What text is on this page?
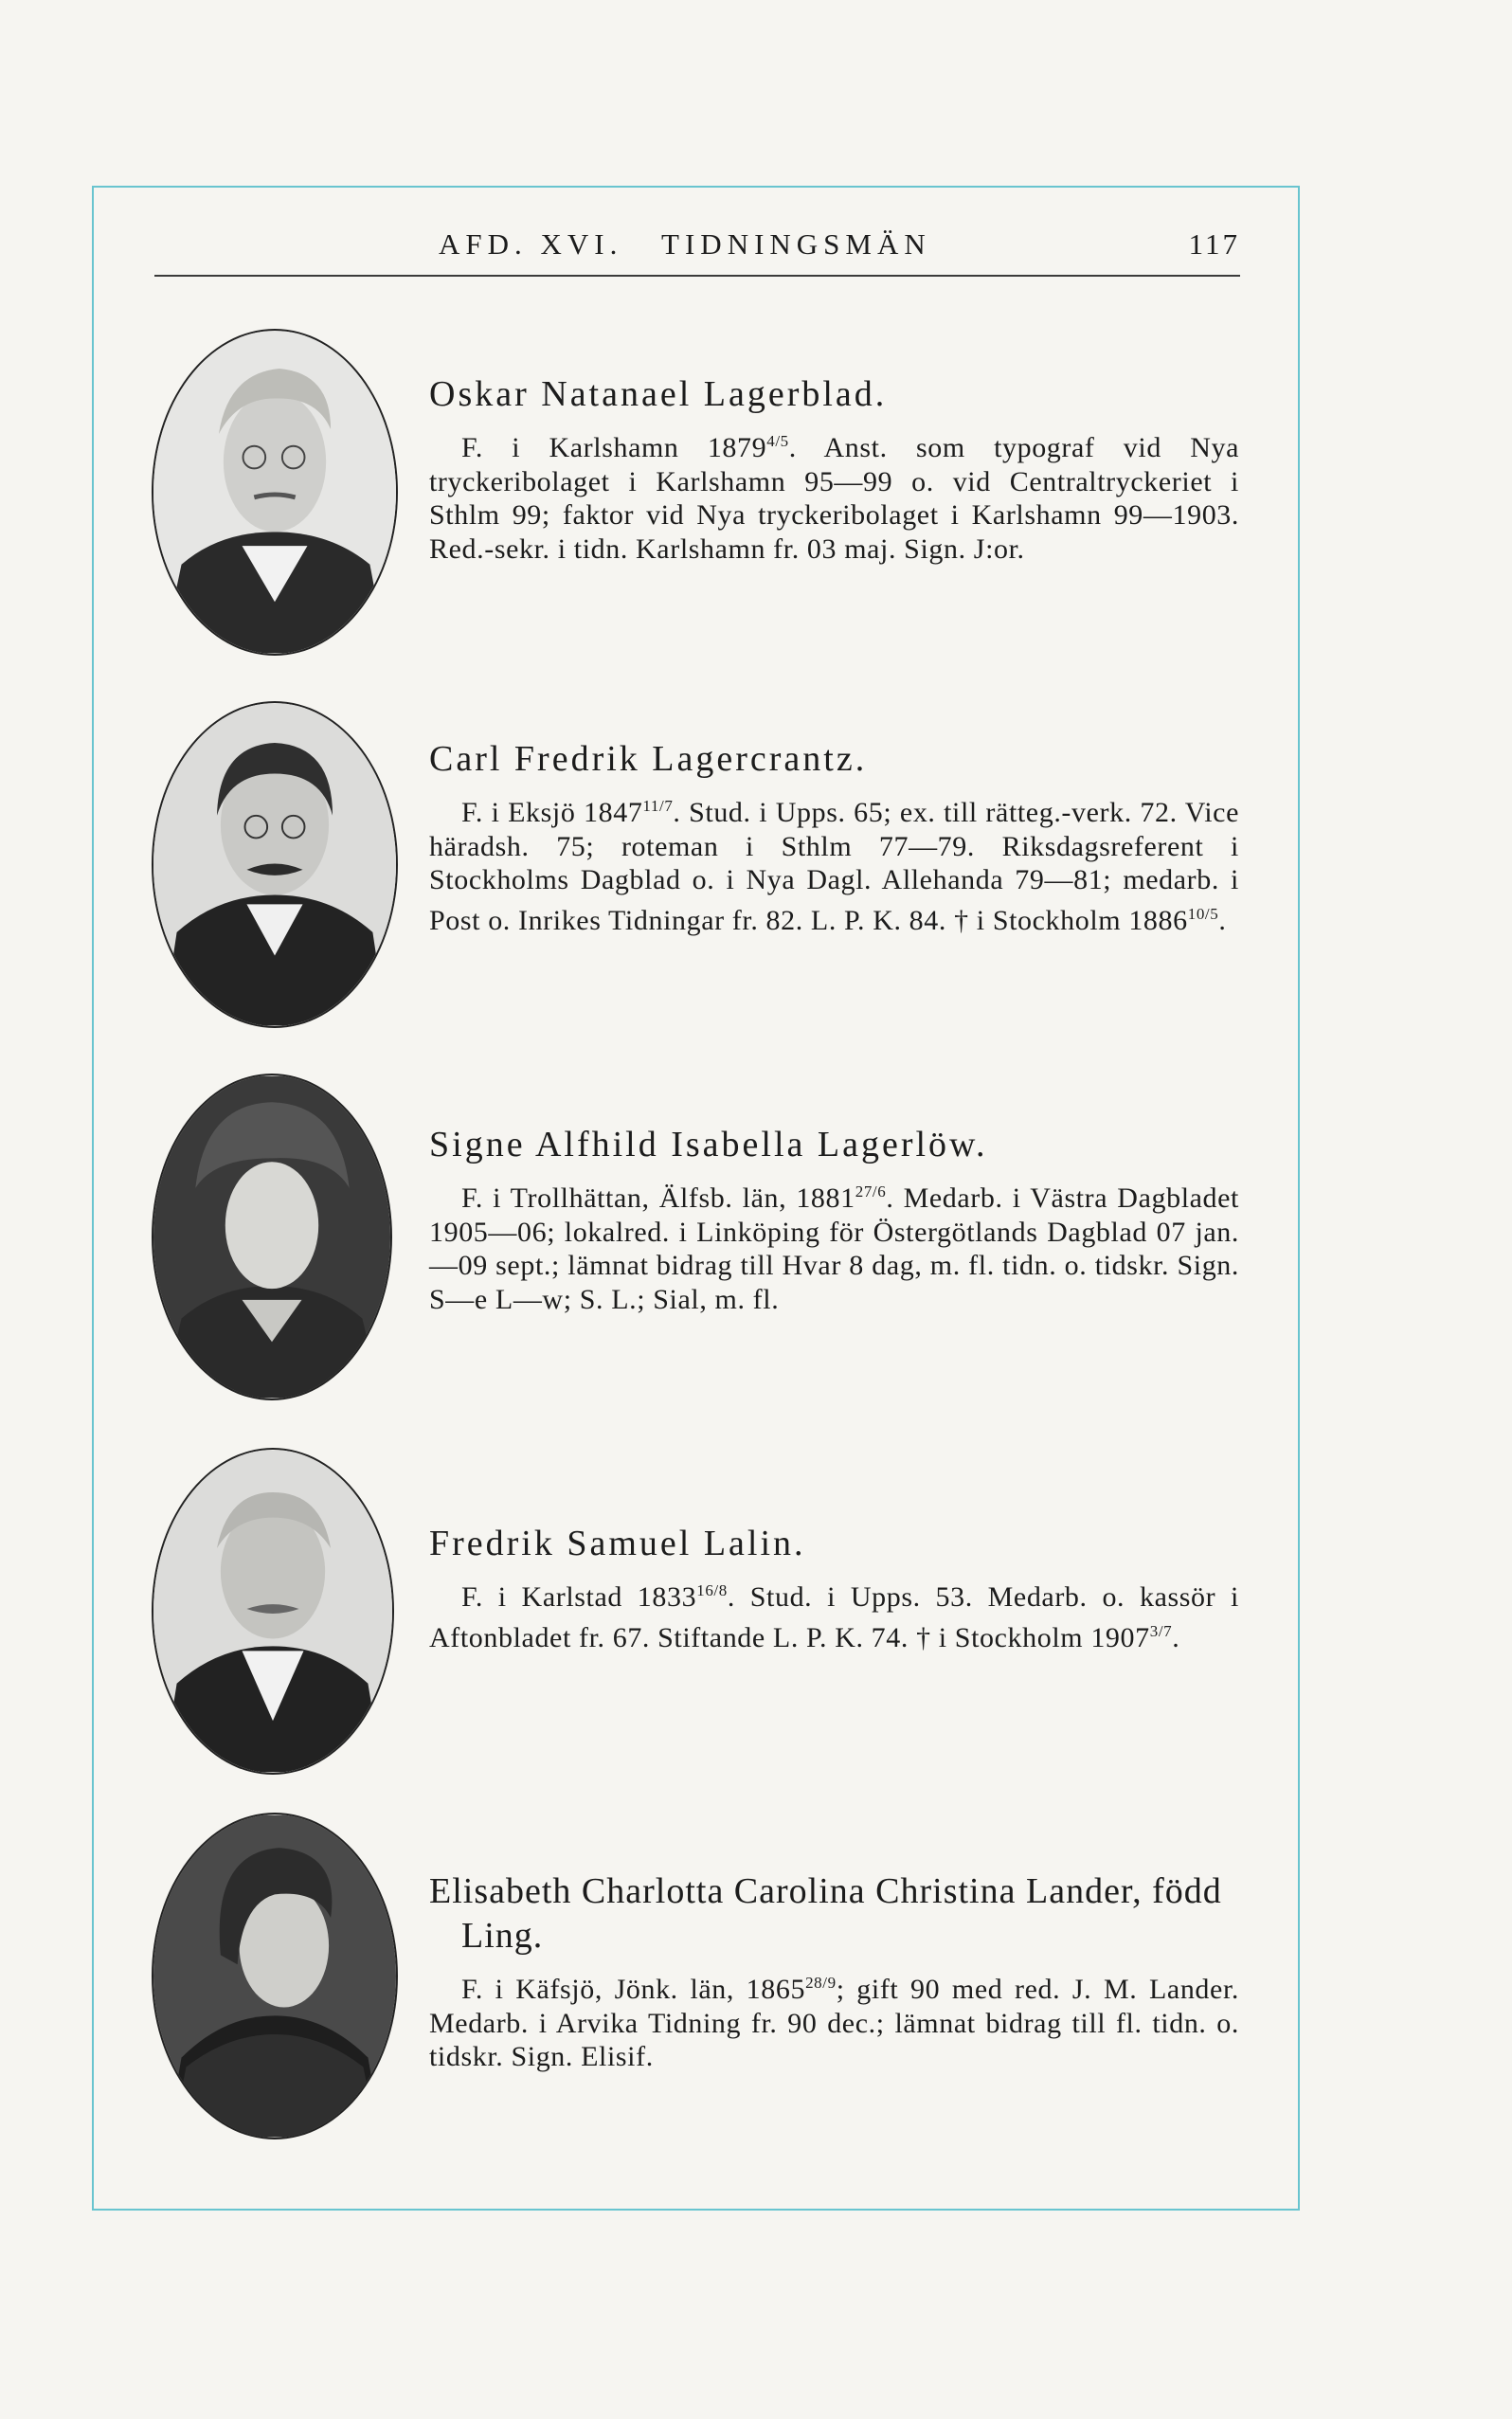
AFD. XVI.   TIDNINGSMÄN	117

Oskar Natanael Lagerblad.

F. i Karlshamn $1879^{4/5}$. Anst. som typograf vid Nya tryckeribolaget i Karlshamn 95—99 o. vid Centraltryckeriet i Sthlm 99; faktor vid Nya tryckeribolaget i Karlshamn 99—1903. Red.-sekr. i tidn. Karlshamn fr. 03 maj. Sign. J:or.

Carl Fredrik Lagercrantz.

F. i Eksjö $1847^{11/7}$. Stud. i Upps. 65; ex. till rätteg.-verk. 72. Vice häradsh. 75; roteman i Sthlm 77—79. Riksdagsreferent i Stockholms Dagblad o. i Nya Dagl. Allehanda 79—81; medarb. i Post o. Inrikes Tidningar fr. 82. L. P. K. 84. † i Stockholm $1886^{10/5}$.

Signe Alfhild Isabella Lagerlöw.

F. i Trollhättan, Älfsb. län, $1881^{27/6}$. Medarb. i Västra Dagbladet 1905—06; lokalred. i Linköping för Östergötlands Dagblad 07 jan.—09 sept.; lämnat bidrag till Hvar 8 dag, m. fl. tidn. o. tidskr. Sign. S—e L—w; S. L.; Sial, m. fl.

Fredrik Samuel Lalin.

F. i Karlstad $1833^{16/8}$. Stud. i Upps. 53. Medarb. o. kassör i Aftonbladet fr. 67. Stiftande L. P. K. 74. † i Stockholm $1907^{3/7}$.

Elisabeth Charlotta Carolina Christina Lander, född Ling.

F. i Käfsjö, Jönk. län, $1865^{28/9}$; gift 90 med red. J. M. Lander. Medarb. i Arvika Tidning fr. 90 dec.; lämnat bidrag till fl. tidn. o. tidskr. Sign. Elisif.
